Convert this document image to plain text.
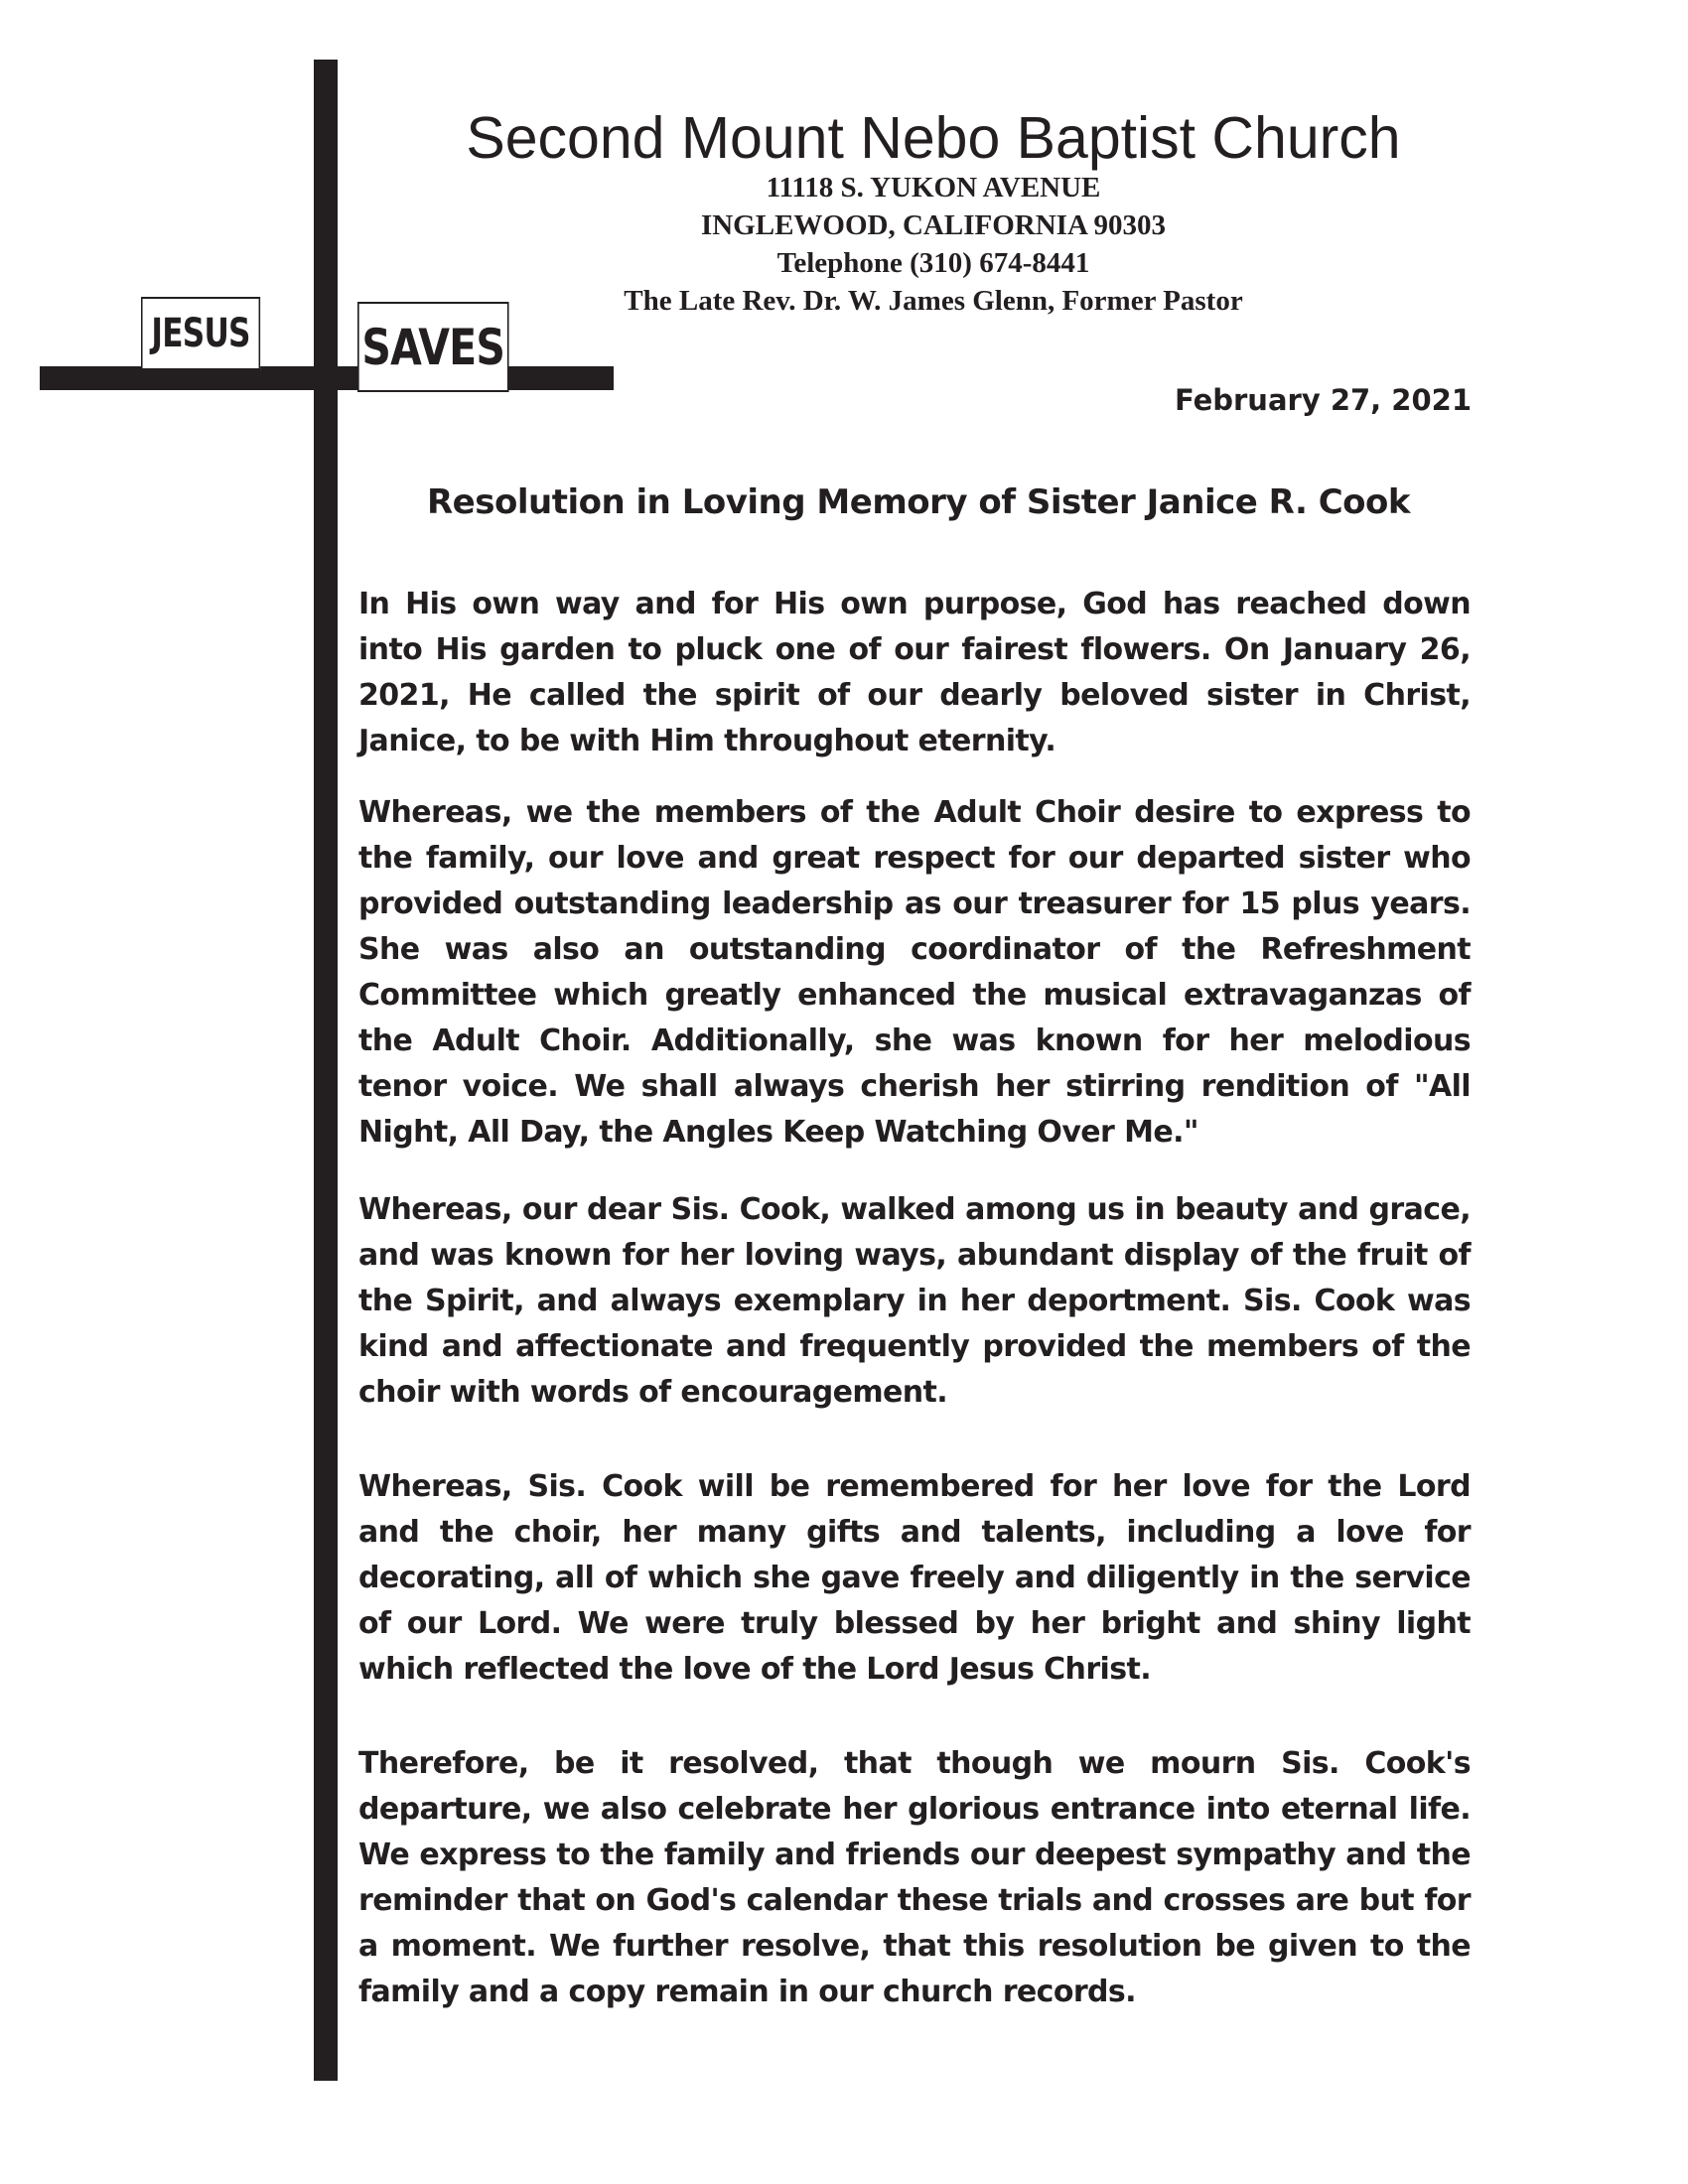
JESUS SAVES
Second Mount Nebo Baptist Church
11118 S. YUKON AVENUE
INGLEWOOD, CALIFORNIA 90303
Telephone (310) 674-8441
The Late Rev. Dr. W. James Glenn, Former Pastor
February 27, 2021
Resolution in Loving Memory of Sister Janice R. Cook

In His own way and for His own purpose, God has reached down into His garden to pluck one of our fairest flowers. On January 26, 2021, He called the spirit of our dearly beloved sister in Christ, Janice, to be with Him throughout eternity.

Whereas, we the members of the Adult Choir desire to express to the family, our love and great respect for our departed sister who provided outstanding leadership as our treasurer for 15 plus years. She was also an outstanding coordinator of the Refreshment Committee which greatly enhanced the musical extravaganzas of the Adult Choir. Additionally, she was known for her melodious tenor voice. We shall always cherish her stirring rendition of "All Night, All Day, the Angles Keep Watching Over Me."

Whereas, our dear Sis. Cook, walked among us in beauty and grace, and was known for her loving ways, abundant display of the fruit of the Spirit, and always exemplary in her deportment. Sis. Cook was kind and affectionate and frequently provided the members of the choir with words of encouragement.

Whereas, Sis. Cook will be remembered for her love for the Lord and the choir, her many gifts and talents, including a love for decorating, all of which she gave freely and diligently in the service of our Lord. We were truly blessed by her bright and shiny light which reflected the love of the Lord Jesus Christ.

Therefore, be it resolved, that though we mourn Sis. Cook's departure, we also celebrate her glorious entrance into eternal life. We express to the family and friends our deepest sympathy and the reminder that on God's calendar these trials and crosses are but for a moment. We further resolve, that this resolution be given to the family and a copy remain in our church records.
